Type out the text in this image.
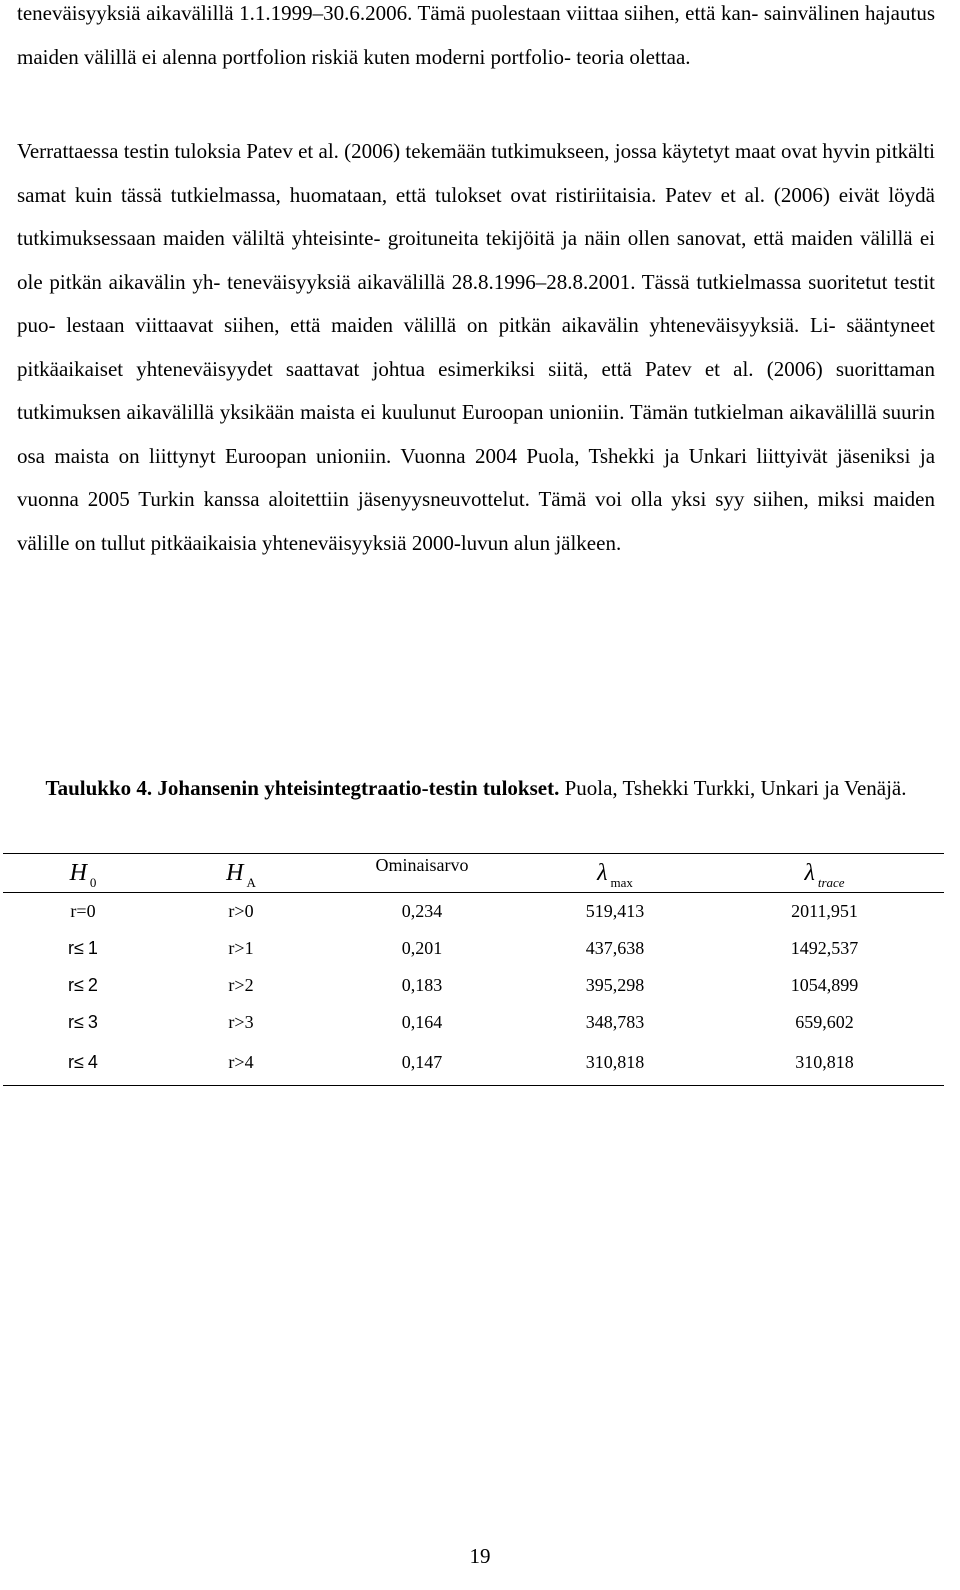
teneväisyyksiä aikavälillä 1.1.1999–30.6.2006. Tämä puolestaan viittaa siihen, että kan- sainvälinen hajautus maiden välillä ei alenna portfolion riskiä kuten moderni portfolio- teoria olettaa.

Verrattaessa testin tuloksia Patev et al. (2006) tekemään tutkimukseen, jossa käytetyt maat ovat hyvin pitkälti samat kuin tässä tutkielmassa, huomataan, että tulokset ovat ristiriitaisia. Patev et al. (2006) eivät löydä tutkimuksessaan maiden väliltä yhteisinte- groituneita tekijöitä ja näin ollen sanovat, että maiden välillä ei ole pitkän aikavälin yh- teneväisyyksiä aikavälillä 28.8.1996–28.8.2001. Tässä tutkielmassa suoritetut testit puo- lestaan viittaavat siihen, että maiden välillä on pitkän aikavälin yhteneväisyyksiä. Li- sääntyneet pitkäaikaiset yhteneväisyydet saattavat johtua esimerkiksi siitä, että Patev et al. (2006) suorittaman tutkimuksen aikavälillä yksikään maista ei kuulunut Euroopan unioniin. Tämän tutkielman aikavälillä suurin osa maista on liittynyt Euroopan unioniin. Vuonna 2004 Puola, Tshekki ja Unkari liittyivät jäseniksi ja vuonna 2005 Turkin kanssa aloitettiin jäsenyysneuvottelut. Tämä voi olla yksi syy siihen, miksi maiden välille on tullut pitkäaikaisia yhteneväisyyksiä 2000-luvun alun jälkeen.

Taulukko 4. Johansenin yhteisintegtraatio-testin tulokset. Puola, Tshekki Turkki, Unkari ja Venäjä.

H $_0$	H $_A$	Ominaisarvo	λ $_{max}$	λ $_{trace}$
r=0	r>0	0,234	519,413	2011,951
r≤ 1	r>1	0,201	437,638	1492,537
r≤ 2	r>2	0,183	395,298	1054,899
r≤ 3	r>3	0,164	348,783	659,602
r≤ 4	r>4	0,147	310,818	310,818
19
